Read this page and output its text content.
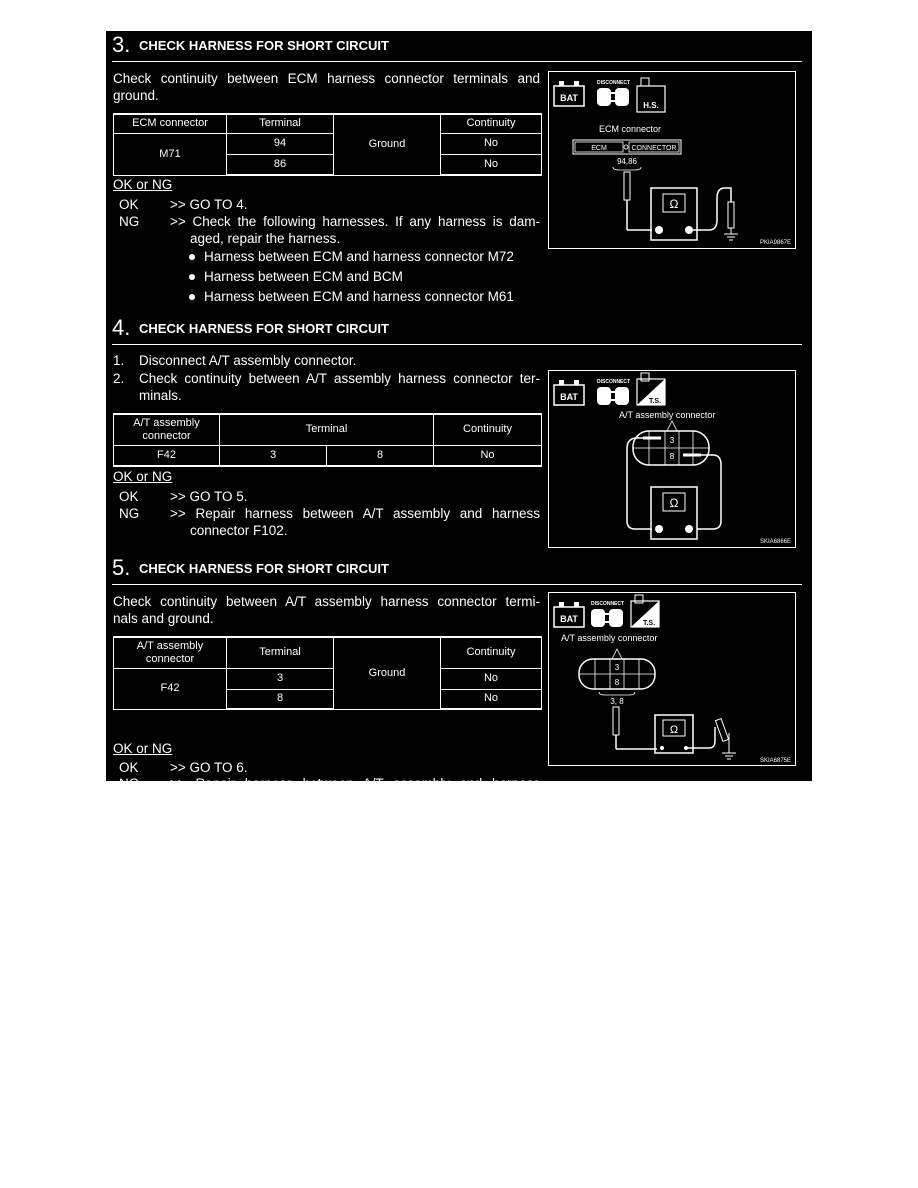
3. CHECK HARNESS FOR SHORT CIRCUIT
Check continuity between ECM harness connector terminals and
ground.
ECM connector	Terminal	Ground	Continuity
M71	94		No
	86		No
OK or NG
OK >> GO TO 4.
NG >> Check the following harnesses. If any harness is dam-
aged, repair the harness.
Harness between ECM and harness connector M72
Harness between ECM and BCM
Harness between ECM and harness connector M61
BAT
DISCONNECT
H.S.
ECM connector
ECM	CONNECTOR
94,86
Ω
PKIA9867E
4. CHECK HARNESS FOR SHORT CIRCUIT
1. Disconnect A/T assembly connector.
2. Check continuity between A/T assembly harness connector ter-
minals.
A/T assembly connector	Terminal		Continuity
F42	3	8	No
OK or NG
OK >> GO TO 5.
NG >> Repair harness between A/T assembly and harness
connector F102.
BAT
DISCONNECT
T.S.
A/T assembly connector
3
8
Ω
SKIA6866E
5. CHECK HARNESS FOR SHORT CIRCUIT
Check continuity between A/T assembly harness connector termi-
nals and ground.
A/T assembly connector	Terminal	Ground	Continuity
F42	3		No
	8		No
OK or NG
OK >> GO TO 6.
NG >> Repair harness between A/T assembly and harness
connector F102.
BAT
DISCONNECT
T.S.
A/T assembly connector
3
8
3, 8
Ω
SKIA6875E
